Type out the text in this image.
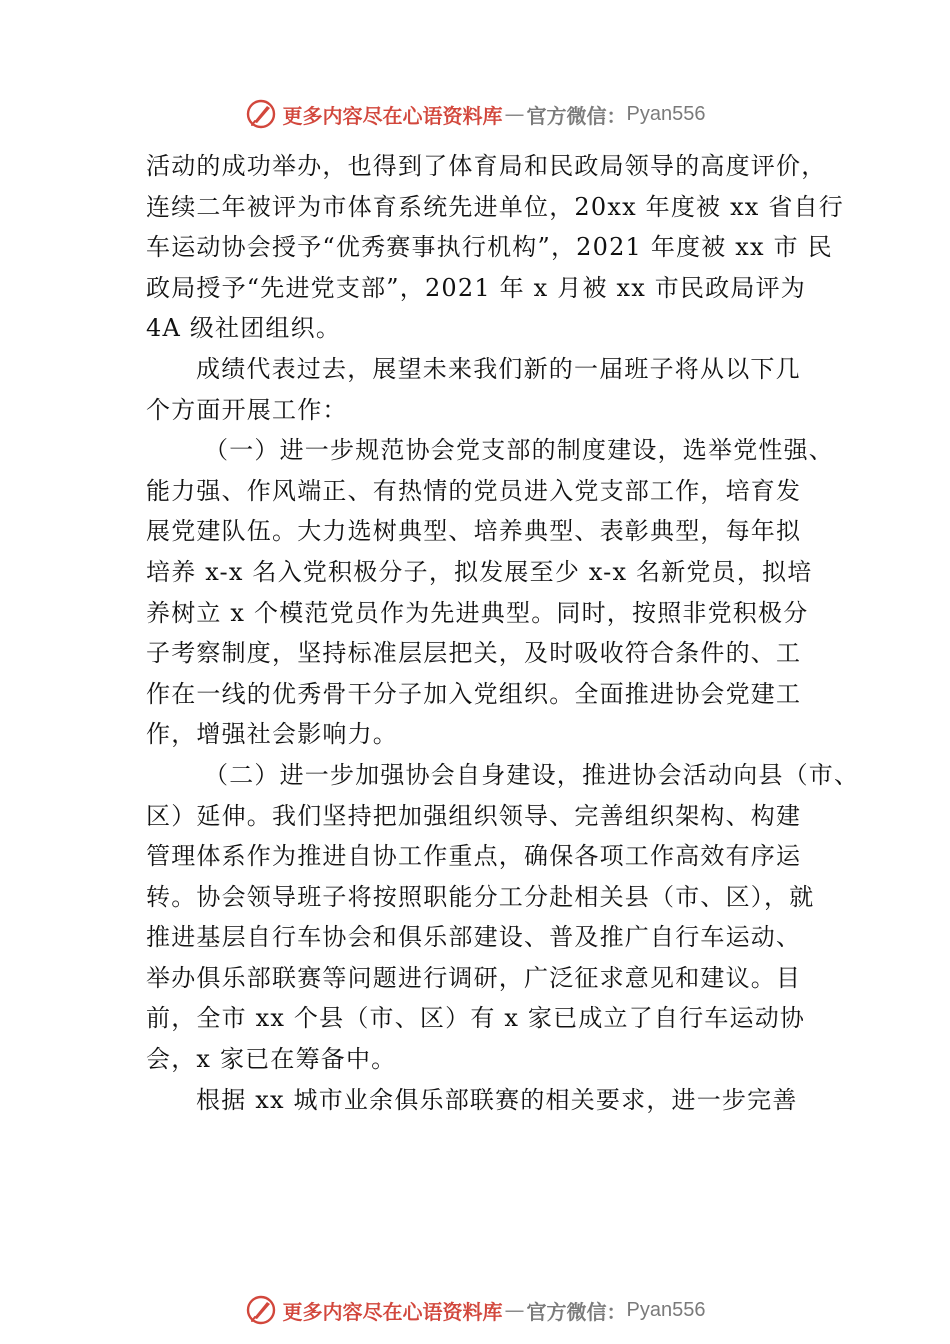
更多内容尽在心语资料库 — 官方微信： Pyan556
活动的成功举办，也得到了体育局和民政局领导的高度评价，
连续二年被评为市体育系统先进单位，20xx 年度被 xx 省自行
车运动协会授予“优秀赛事执行机构”，2021 年度被 xx 市 民
政局授予“先进党支部”，2021 年 x 月被 xx 市民政局评为
4A 级社团组织。
成绩代表过去，展望未来我们新的一届班子将从以下几
个方面开展工作：
（一）进一步规范协会党支部的制度建设，选举党性强、
能力强、作风端正、有热情的党员进入党支部工作，培育发
展党建队伍。大力选树典型、培养典型、表彰典型，每年拟
培养 x-x 名入党积极分子，拟发展至少 x-x 名新党员，拟培
养树立 x 个模范党员作为先进典型。同时，按照非党积极分
子考察制度，坚持标准层层把关，及时吸收符合条件的、工
作在一线的优秀骨干分子加入党组织。全面推进协会党建工
作，增强社会影响力。
（二）进一步加强协会自身建设，推进协会活动向县（市、
区）延伸。我们坚持把加强组织领导、完善组织架构、构建
管理体系作为推进自协工作重点，确保各项工作高效有序运
转。协会领导班子将按照职能分工分赴相关县（市、区），就
推进基层自行车协会和俱乐部建设、普及推广自行车运动、
举办俱乐部联赛等问题进行调研，广泛征求意见和建议。目
前，全市 xx 个县（市、区）有 x 家已成立了自行车运动协
会，x 家已在筹备中。
根据 xx 城市业余俱乐部联赛的相关要求，进一步完善
更多内容尽在心语资料库 — 官方微信： Pyan556
